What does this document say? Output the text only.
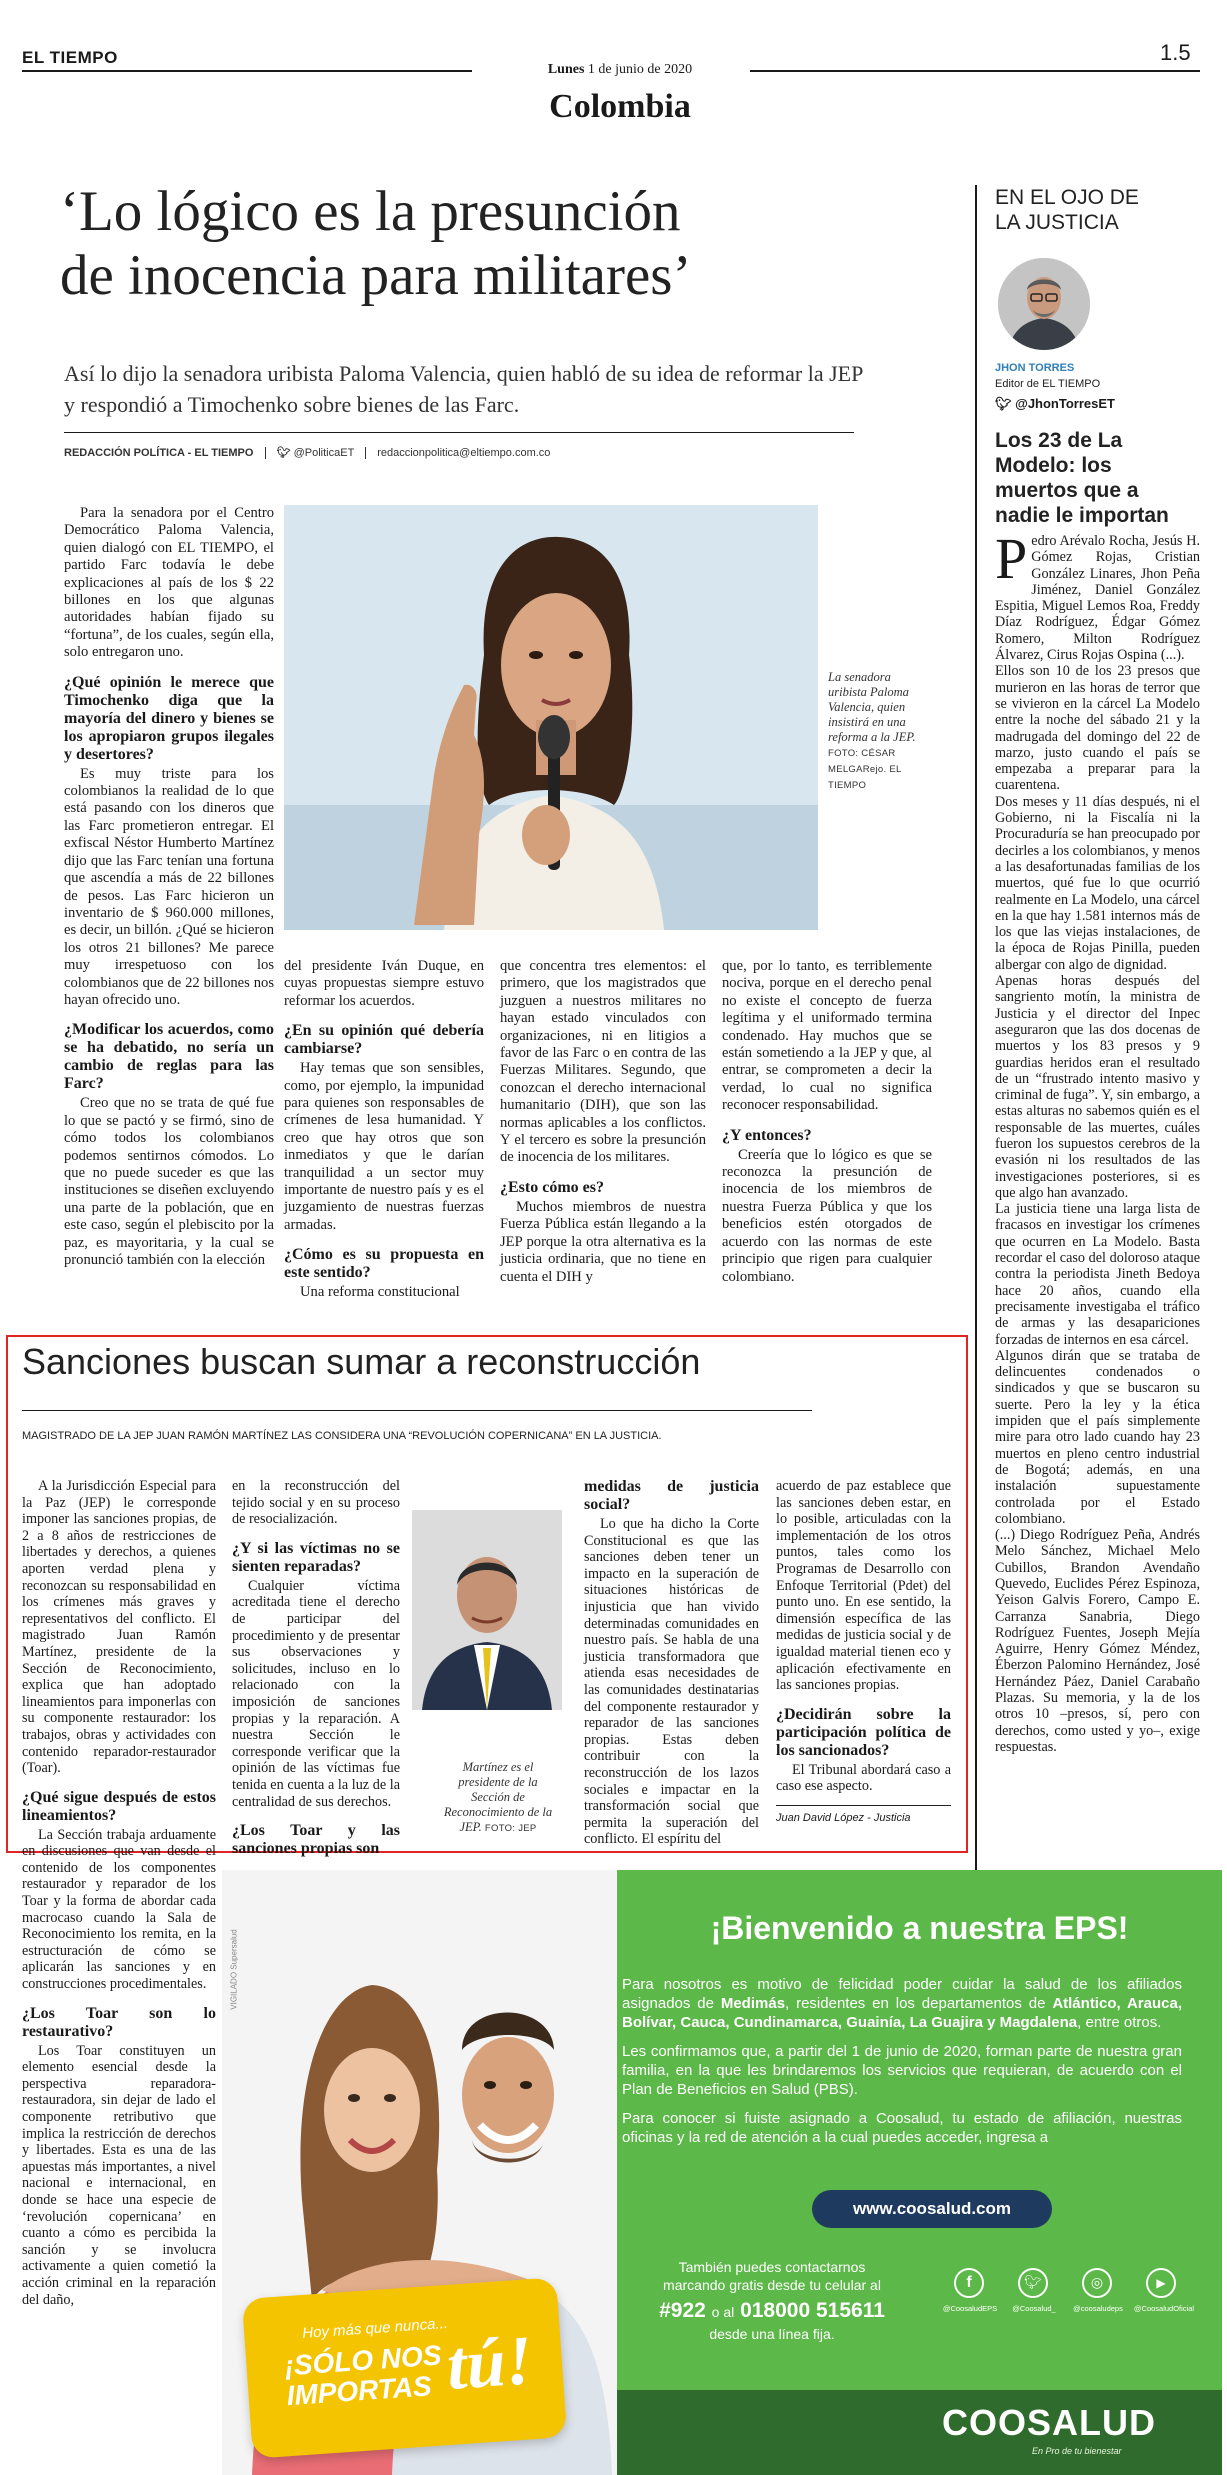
EL TIEMPO
Lunes 1 de junio de 2020
1.5
Colombia
‘Lo lógico es la presunción
de inocencia para militares’
Así lo dijo la senadora uribista Paloma Valencia, quien habló de su idea de reformar la JEP y respondió a Timochenko sobre bienes de las Farc.
REDACCIÓN POLÍTICA - EL TIEMPO 🐦︎ @PoliticaET redaccionpolitica@eltiempo.com.co

Para la senadora por el Centro Democrático Paloma Valencia, quien dialogó con EL TIEMPO, el partido Farc todavía le debe explicaciones al país de los $ 22 billones en los que algunas autoridades habían fijado su “fortuna”, de los cuales, según ella, solo entregaron uno.

¿Qué opinión le merece que Timochenko diga que la mayoría del dinero y bienes se los apropiaron grupos ilegales y desertores?

Es muy triste para los colombianos la realidad de lo que está pasando con los dineros que las Farc prometieron entregar. El exfiscal Néstor Humberto Martínez dijo que las Farc tenían una fortuna que ascendía a más de 22 billones de pesos. Las Farc hicieron un inventario de $ 960.000 millones, es decir, un billón. ¿Qué se hicieron los otros 21 billones? Me parece muy irrespetuoso con los colombianos que de 22 billones nos hayan ofrecido uno.

¿Modificar los acuerdos, como se ha debatido, no sería un cambio de reglas para las Farc?

Creo que no se trata de qué fue lo que se pactó y se firmó, sino de cómo todos los colombianos podemos sentirnos cómodos. Lo que no puede suceder es que las instituciones se diseñen excluyendo una parte de la población, que en este caso, según el plebiscito por la paz, es mayoritaria, y la cual se pronunció también con la elección

La senadora uribista Paloma Valencia, quien insistirá en una reforma a la JEP. FOTO: CÉSAR MELGARejo. EL TIEMPO

del presidente Iván Duque, en cuyas propuestas siempre estuvo reformar los acuerdos.

¿En su opinión qué debería cambiarse?

Hay temas que son sensibles, como, por ejemplo, la impunidad para quienes son responsables de crímenes de lesa humanidad. Y creo que hay otros que son inmediatos y que le darían tranquilidad a un sector muy importante de nuestro país y es el juzgamiento de nuestras fuerzas armadas.

¿Cómo es su propuesta en este sentido?

Una reforma constitucional

que concentra tres elementos: el primero, que los magistrados que juzguen a nuestros militares no hayan estado vinculados con organizaciones, ni en litigios a favor de las Farc o en contra de las Fuerzas Militares. Segundo, que conozcan el derecho internacional humanitario (DIH), que son las normas aplicables a los conflictos. Y el tercero es sobre la presunción de inocencia de los militares.

¿Esto cómo es?

Muchos miembros de nuestra Fuerza Pública están llegando a la JEP porque la otra alternativa es la justicia ordinaria, que no tiene en cuenta el DIH y

que, por lo tanto, es terriblemente nociva, porque en el derecho penal no existe el concepto de fuerza legítima y el uniformado termina condenado. Hay muchos que se están sometiendo a la JEP y que, al entrar, se comprometen a decir la verdad, lo cual no significa reconocer responsabilidad.

¿Y entonces?

Creería que lo lógico es que se reconozca la presunción de inocencia de los miembros de nuestra Fuerza Pública y que los beneficios estén otorgados de acuerdo con las normas de este principio que rigen para cualquier colombiano.

EN EL OJO DE
LA JUSTICIA
JHON TORRES
Editor de EL TIEMPO
🐦︎ @JhonTorresET
Los 23 de La Modelo: los muertos que a nadie le importan

P edro Arévalo Rocha, Jesús H. Gómez Rojas, Cristian González Linares, Jhon Peña Jiménez, Daniel González Espitia, Miguel Lemos Roa, Freddy Díaz Rodríguez, Édgar Gómez Romero, Milton Rodríguez Álvarez, Cirus Rojas Ospina (...).

Ellos son 10 de los 23 presos que murieron en las horas de terror que se vivieron en la cárcel La Modelo entre la noche del sábado 21 y la madrugada del domingo del 22 de marzo, justo cuando el país se empezaba a preparar para la cuarentena.

Dos meses y 11 días después, ni el Gobierno, ni la Fiscalía ni la Procuraduría se han preocupado por decirles a los colombianos, y menos a las desafortunadas familias de los muertos, qué fue lo que ocurrió realmente en La Modelo, una cárcel en la que hay 1.581 internos más de los que las viejas instalaciones, de la época de Rojas Pinilla, pueden albergar con algo de dignidad.

Apenas horas después del sangriento motín, la ministra de Justicia y el director del Inpec aseguraron que las dos docenas de muertos y los 83 presos y 9 guardias heridos eran el resultado de un “frustrado intento masivo y criminal de fuga”. Y, sin embargo, a estas alturas no sabemos quién es el responsable de las muertes, cuáles fueron los supuestos cerebros de la evasión ni los resultados de las investigaciones posteriores, si es que algo han avanzado.

La justicia tiene una larga lista de fracasos en investigar los crímenes que ocurren en La Modelo. Basta recordar el caso del doloroso ataque contra la periodista Jineth Bedoya hace 20 años, cuando ella precisamente investigaba el tráfico de armas y las desapariciones forzadas de internos en esa cárcel.

Algunos dirán que se trataba de delincuentes condenados o sindicados y que se buscaron su suerte. Pero la ley y la ética impiden que el país simplemente mire para otro lado cuando hay 23 muertos en pleno centro industrial de Bogotá; además, en una instalación supuestamente controlada por el Estado colombiano.

(...) Diego Rodríguez Peña, Andrés Melo Sánchez, Michael Melo Cubillos, Brandon Avendaño Quevedo, Euclides Pérez Espinoza, Yeison Galvis Forero, Campo E. Carranza Sanabria, Diego Rodríguez Fuentes, Joseph Mejía Aguirre, Henry Gómez Méndez, Éberzon Palomino Hernández, José Hernández Páez, Daniel Carabaño Plazas. Su memoria, y la de los otros 10 –presos, sí, pero con derechos, como usted y yo–, exige respuestas.

Sanciones buscan sumar a reconstrucción
MAGISTRADO DE LA JEP JUAN RAMÓN MARTÍNEZ LAS CONSIDERA UNA “REVOLUCIÓN COPERNICANA” EN LA JUSTICIA.

A la Jurisdicción Especial para la Paz (JEP) le corresponde imponer las sanciones propias, de 2 a 8 años de restricciones de libertades y derechos, a quienes aporten verdad plena y reconozcan su responsabilidad en los crímenes más graves y representativos del conflicto. El magistrado Juan Ramón Martínez, presidente de la Sección de Reconocimiento, explica que han adoptado lineamientos para imponerlas con su componente restaurador: los trabajos, obras y actividades con contenido reparador-restaurador (Toar).

¿Qué sigue después de estos lineamientos?

La Sección trabaja arduamente en discusiones que van desde el contenido de los componentes restaurador y reparador de los Toar y la forma de abordar cada macrocaso cuando la Sala de Reconocimiento los remita, en la estructuración de cómo se aplicarán las sanciones y en construcciones procedimentales.

¿Los Toar son lo restaurativo?

Los Toar constituyen un elemento esencial desde la perspectiva reparadora-restauradora, sin dejar de lado el componente retributivo que implica la restricción de derechos y libertades. Esta es una de las apuestas más importantes, a nivel nacional e internacional, en donde se hace una especie de ‘revolución copernicana’ en cuanto a cómo es percibida la sanción y se involucra activamente a quien cometió la acción criminal en la reparación del daño,

en la reconstrucción del tejido social y en su proceso de resocialización.

¿Y si las víctimas no se sienten reparadas?

Cualquier víctima acreditada tiene el derecho de participar del procedimiento y de presentar sus observaciones y solicitudes, incluso en lo relacionado con la imposición de sanciones propias y la reparación. A nuestra Sección le corresponde verificar que la opinión de las víctimas fue tenida en cuenta a la luz de la centralidad de sus derechos.

¿Los Toar y las sanciones propias son
Martínez es el presidente de la Sección de Reconocimiento de la JEP. FOTO: JEP
medidas de justicia social?

Lo que ha dicho la Corte Constitucional es que las sanciones deben tener un impacto en la superación de situaciones históricas de injusticia que han vivido determinadas comunidades en nuestro país. Se habla de una justicia transformadora que atienda esas necesidades de las comunidades destinatarias del componente restaurador y reparador de las sanciones propias. Estas deben contribuir con la reconstrucción de los lazos sociales e impactar en la transformación social que permita la superación del conflicto. El espíritu del

acuerdo de paz establece que las sanciones deben estar, en lo posible, articuladas con la implementación de los otros puntos, tales como los Programas de Desarrollo con Enfoque Territorial (Pdet) del punto uno. En ese sentido, la dimensión específica de las medidas de justicia social y de igualdad material tienen eco y aplicación efectivamente en las sanciones propias.

¿Decidirán sobre la participación política de los sancionados?

El Tribunal abordará caso a caso ese aspecto.

Juan David López - Justicia
VIGILADO Supersalud
Hoy más que nunca...
¡SÓLO NOS IMPORTAS tú!
¡Bienvenido a nuestra EPS!

Para nosotros es motivo de felicidad poder cuidar la salud de los afiliados asignados de Medimás, residentes en los departamentos de Atlántico, Arauca, Bolívar, Cauca, Cundinamarca, Guainía, La Guajira y Magdalena, entre otros.

Les confirmamos que, a partir del 1 de junio de 2020, forman parte de nuestra gran familia, en la que les brindaremos los servicios que requieran, de acuerdo con el Plan de Beneficios en Salud (PBS).

Para conocer si fuiste asignado a Coosalud, tu estado de afiliación, nuestras oficinas y la red de atención a la cual puedes acceder, ingresa a

www.coosalud.com
También puedes contactarnos
marcando gratis desde tu celular al
#922 o al 018000 515611
desde una línea fija.
f	🐦︎	◎	▶
@CoosaludEPS	@Coosalud_	@coosaludeps	@CoosaludOficial
COOSALUD
En Pro de tu bienestar
